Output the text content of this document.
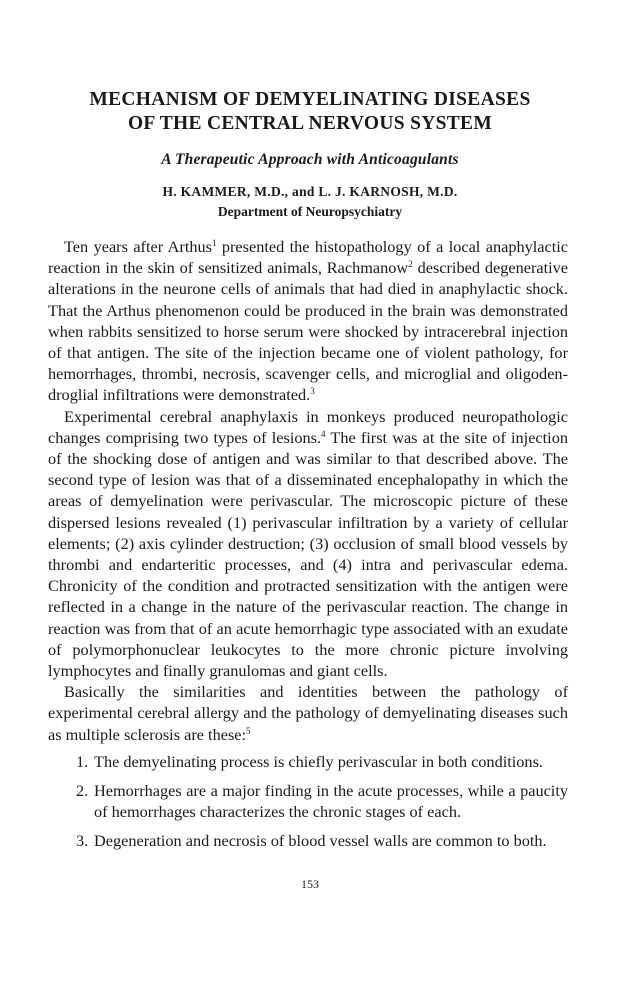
MECHANISM OF DEMYELINATING DISEASES
OF THE CENTRAL NERVOUS SYSTEM
A Therapeutic Approach with Anticoagulants
H. KAMMER, M.D., and L. J. KARNOSH, M.D.
Department of Neuropsychiatry

Ten years after Arthus$^1$ presented the histopathology of a local anaphylactic reaction in the skin of sensitized animals, Rachmanow$^2$ described degenerative alterations in the neurone cells of animals that had died in anaphylactic shock. That the Arthus phenomenon could be produced in the brain was demonstrated when rabbits sensitized to horse serum were shocked by intracerebral injection of that antigen. The site of the injection became one of violent pathology, for hemorrhages, thrombi, necrosis, scavenger cells, and microglial and oligodendroglial infiltrations were demonstrated.$^3$

Experimental cerebral anaphylaxis in monkeys produced neuropathologic changes comprising two types of lesions.$^4$ The first was at the site of injection of the shocking dose of antigen and was similar to that described above. The second type of lesion was that of a disseminated encephalopathy in which the areas of demyelination were perivascular. The microscopic picture of these dispersed lesions revealed (1) perivascular infiltration by a variety of cellular elements; (2) axis cylinder destruction; (3) occlusion of small blood vessels by thrombi and endarteritic processes, and (4) intra and perivascular edema. Chronicity of the condition and protracted sensitization with the antigen were reflected in a change in the nature of the perivascular reaction. The change in reaction was from that of an acute hemorrhagic type associated with an exudate of polymorphonuclear leukocytes to the more chronic picture involving lymphocytes and finally granulomas and giant cells.

Basically the similarities and identities between the pathology of experimental cerebral allergy and the pathology of demyelinating diseases such as multiple sclerosis are these:$^5$

1. The demyelinating process is chiefly perivascular in both conditions.
2. Hemorrhages are a major finding in the acute processes, while a paucity of hemorrhages characterizes the chronic stages of each.
3. Degeneration and necrosis of blood vessel walls are common to both.
153
